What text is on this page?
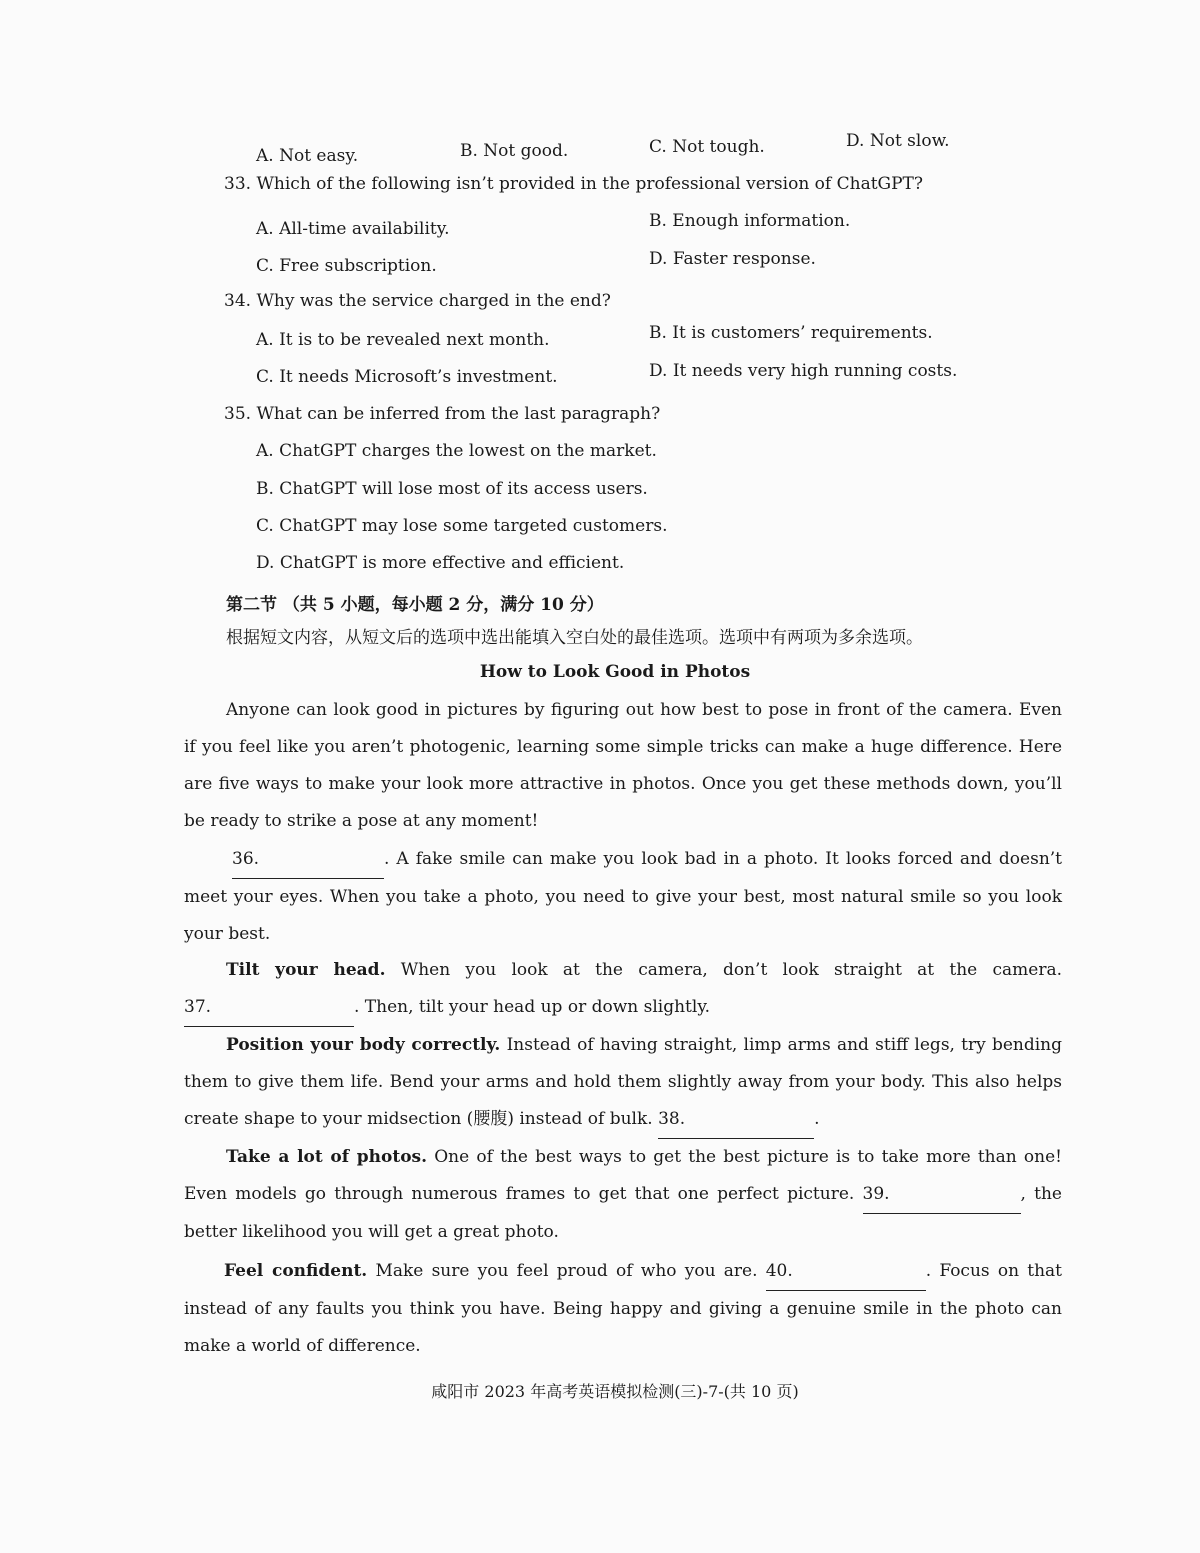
A. Not easy.	B. Not good.	C. Not tough.	D. Not slow.
33. Which of the following isn’t provided in the professional version of ChatGPT?
A. All-time availability.	B. Enough information.
C. Free subscription.	D. Faster response.
34. Why was the service charged in the end?
A. It is to be revealed next month.	B. It is customers’ requirements.
C. It needs Microsoft’s investment.	D. It needs very high running costs.
35. What can be inferred from the last paragraph?
A. ChatGPT charges the lowest on the market.
B. ChatGPT will lose most of its access users.
C. ChatGPT may lose some targeted customers.
D. ChatGPT is more effective and efficient.
第二节 （共 5 小题，每小题 2 分，满分 10 分）
根据短文内容，从短文后的选项中选出能填入空白处的最佳选项。选项中有两项为多余选项。
How to Look Good in Photos
Anyone can look good in pictures by figuring out how best to pose in front of the camera. Even if you feel like you aren’t photogenic, learning some simple tricks can make a huge difference. Here are five ways to make your look more attractive in photos. Once you get these methods down, you’ll be ready to strike a pose at any moment!
36.	. A fake smile can make you look bad in a photo. It looks forced and doesn’t meet your eyes. When you take a photo, you need to give your best, most natural smile so you look your best.
Tilt your head. When you look at the camera, don’t look straight at the camera. 37.	. Then, tilt your head up or down slightly.
Position your body correctly. Instead of having straight, limp arms and stiff legs, try bending them to give them life. Bend your arms and hold them slightly away from your body. This also helps create shape to your midsection (腰腹) instead of bulk. 38.	.
Take a lot of photos. One of the best ways to get the best picture is to take more than one! Even models go through numerous frames to get that one perfect picture. 39.	, the better likelihood you will get a great photo.
Feel confident. Make sure you feel proud of who you are. 40.	. Focus on that instead of any faults you think you have. Being happy and giving a genuine smile in the photo can make a world of difference.
咸阳市 2023 年高考英语模拟检测(三)-7-(共 10 页)
